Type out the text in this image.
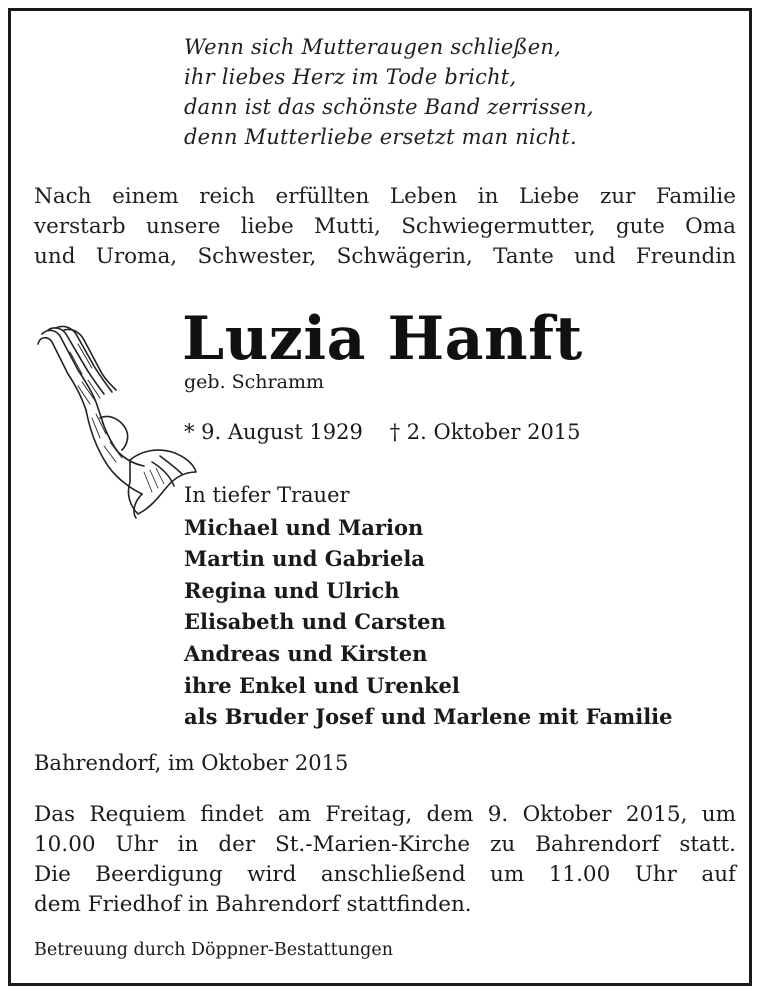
Wenn sich Mutteraugen schließen,
ihr liebes Herz im Tode bricht,
dann ist das schönste Band zerrissen,
denn Mutterliebe ersetzt man nicht.
Nach einem reich erfüllten Leben in Liebe zur Familie
verstarb unsere liebe Mutti, Schwiegermutter, gute Oma
und Uroma, Schwester, Schwägerin, Tante und Freundin
Luzia Hanft
geb. Schramm
* 9. August 1929 † 2. Oktober 2015
In tiefer Trauer
Michael und Marion
Martin und Gabriela
Regina und Ulrich
Elisabeth und Carsten
Andreas und Kirsten
ihre Enkel und Urenkel
als Bruder Josef und Marlene mit Familie
Bahrendorf, im Oktober 2015
Das Requiem findet am Freitag, dem 9. Oktober 2015, um
10.00 Uhr in der St.-Marien-Kirche zu Bahrendorf statt.
Die Beerdigung wird anschließend um 11.00 Uhr auf
dem Friedhof in Bahrendorf stattfinden.
Betreuung durch Döppner-Bestattungen
